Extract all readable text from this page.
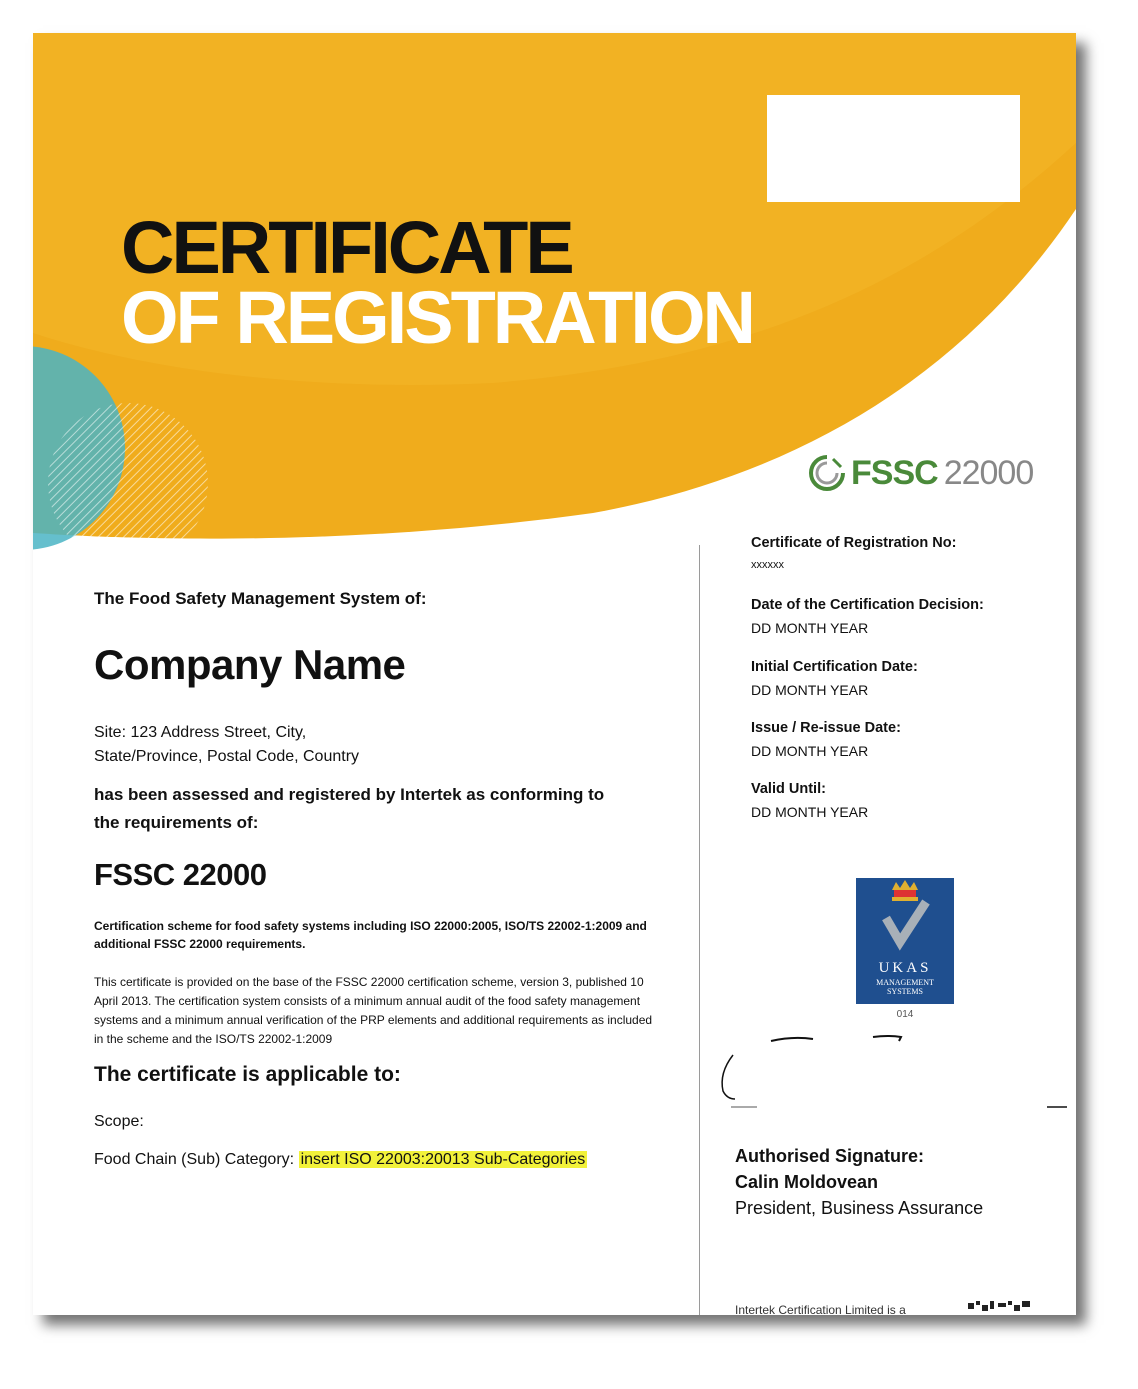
CERTIFICATE
OF REGISTRATION
FSSC 22000
The Food Safety Management System of:
Company Name
Site: 123 Address Street, City,
State/Province, Postal Code, Country
has been assessed and registered by Intertek as conforming to the requirements of:
FSSC 22000
Certification scheme for food safety systems including ISO 22000:2005, ISO/TS 22002-1:2009 and additional FSSC 22000 requirements.
This certificate is provided on the base of the FSSC 22000 certification scheme, version 3, published 10 April 2013. The certification system consists of a minimum annual audit of the food safety management systems and a minimum annual verification of the PRP elements and additional requirements as included in the scheme and the ISO/TS 22002-1:2009
The certificate is applicable to:
Scope:
Food Chain (Sub) Category: insert ISO 22003:20013 Sub-Categories
Certificate of Registration No:
xxxxxx
Date of the Certification Decision:
DD MONTH YEAR
Initial Certification Date:
DD MONTH YEAR
Issue / Re-issue Date:
DD MONTH YEAR
Valid Until:
DD MONTH YEAR
UKAS
MANAGEMENT
SYSTEMS
014
Authorised Signature:
Calin Moldovean
President, Business Assurance
Intertek Certification Limited is a
